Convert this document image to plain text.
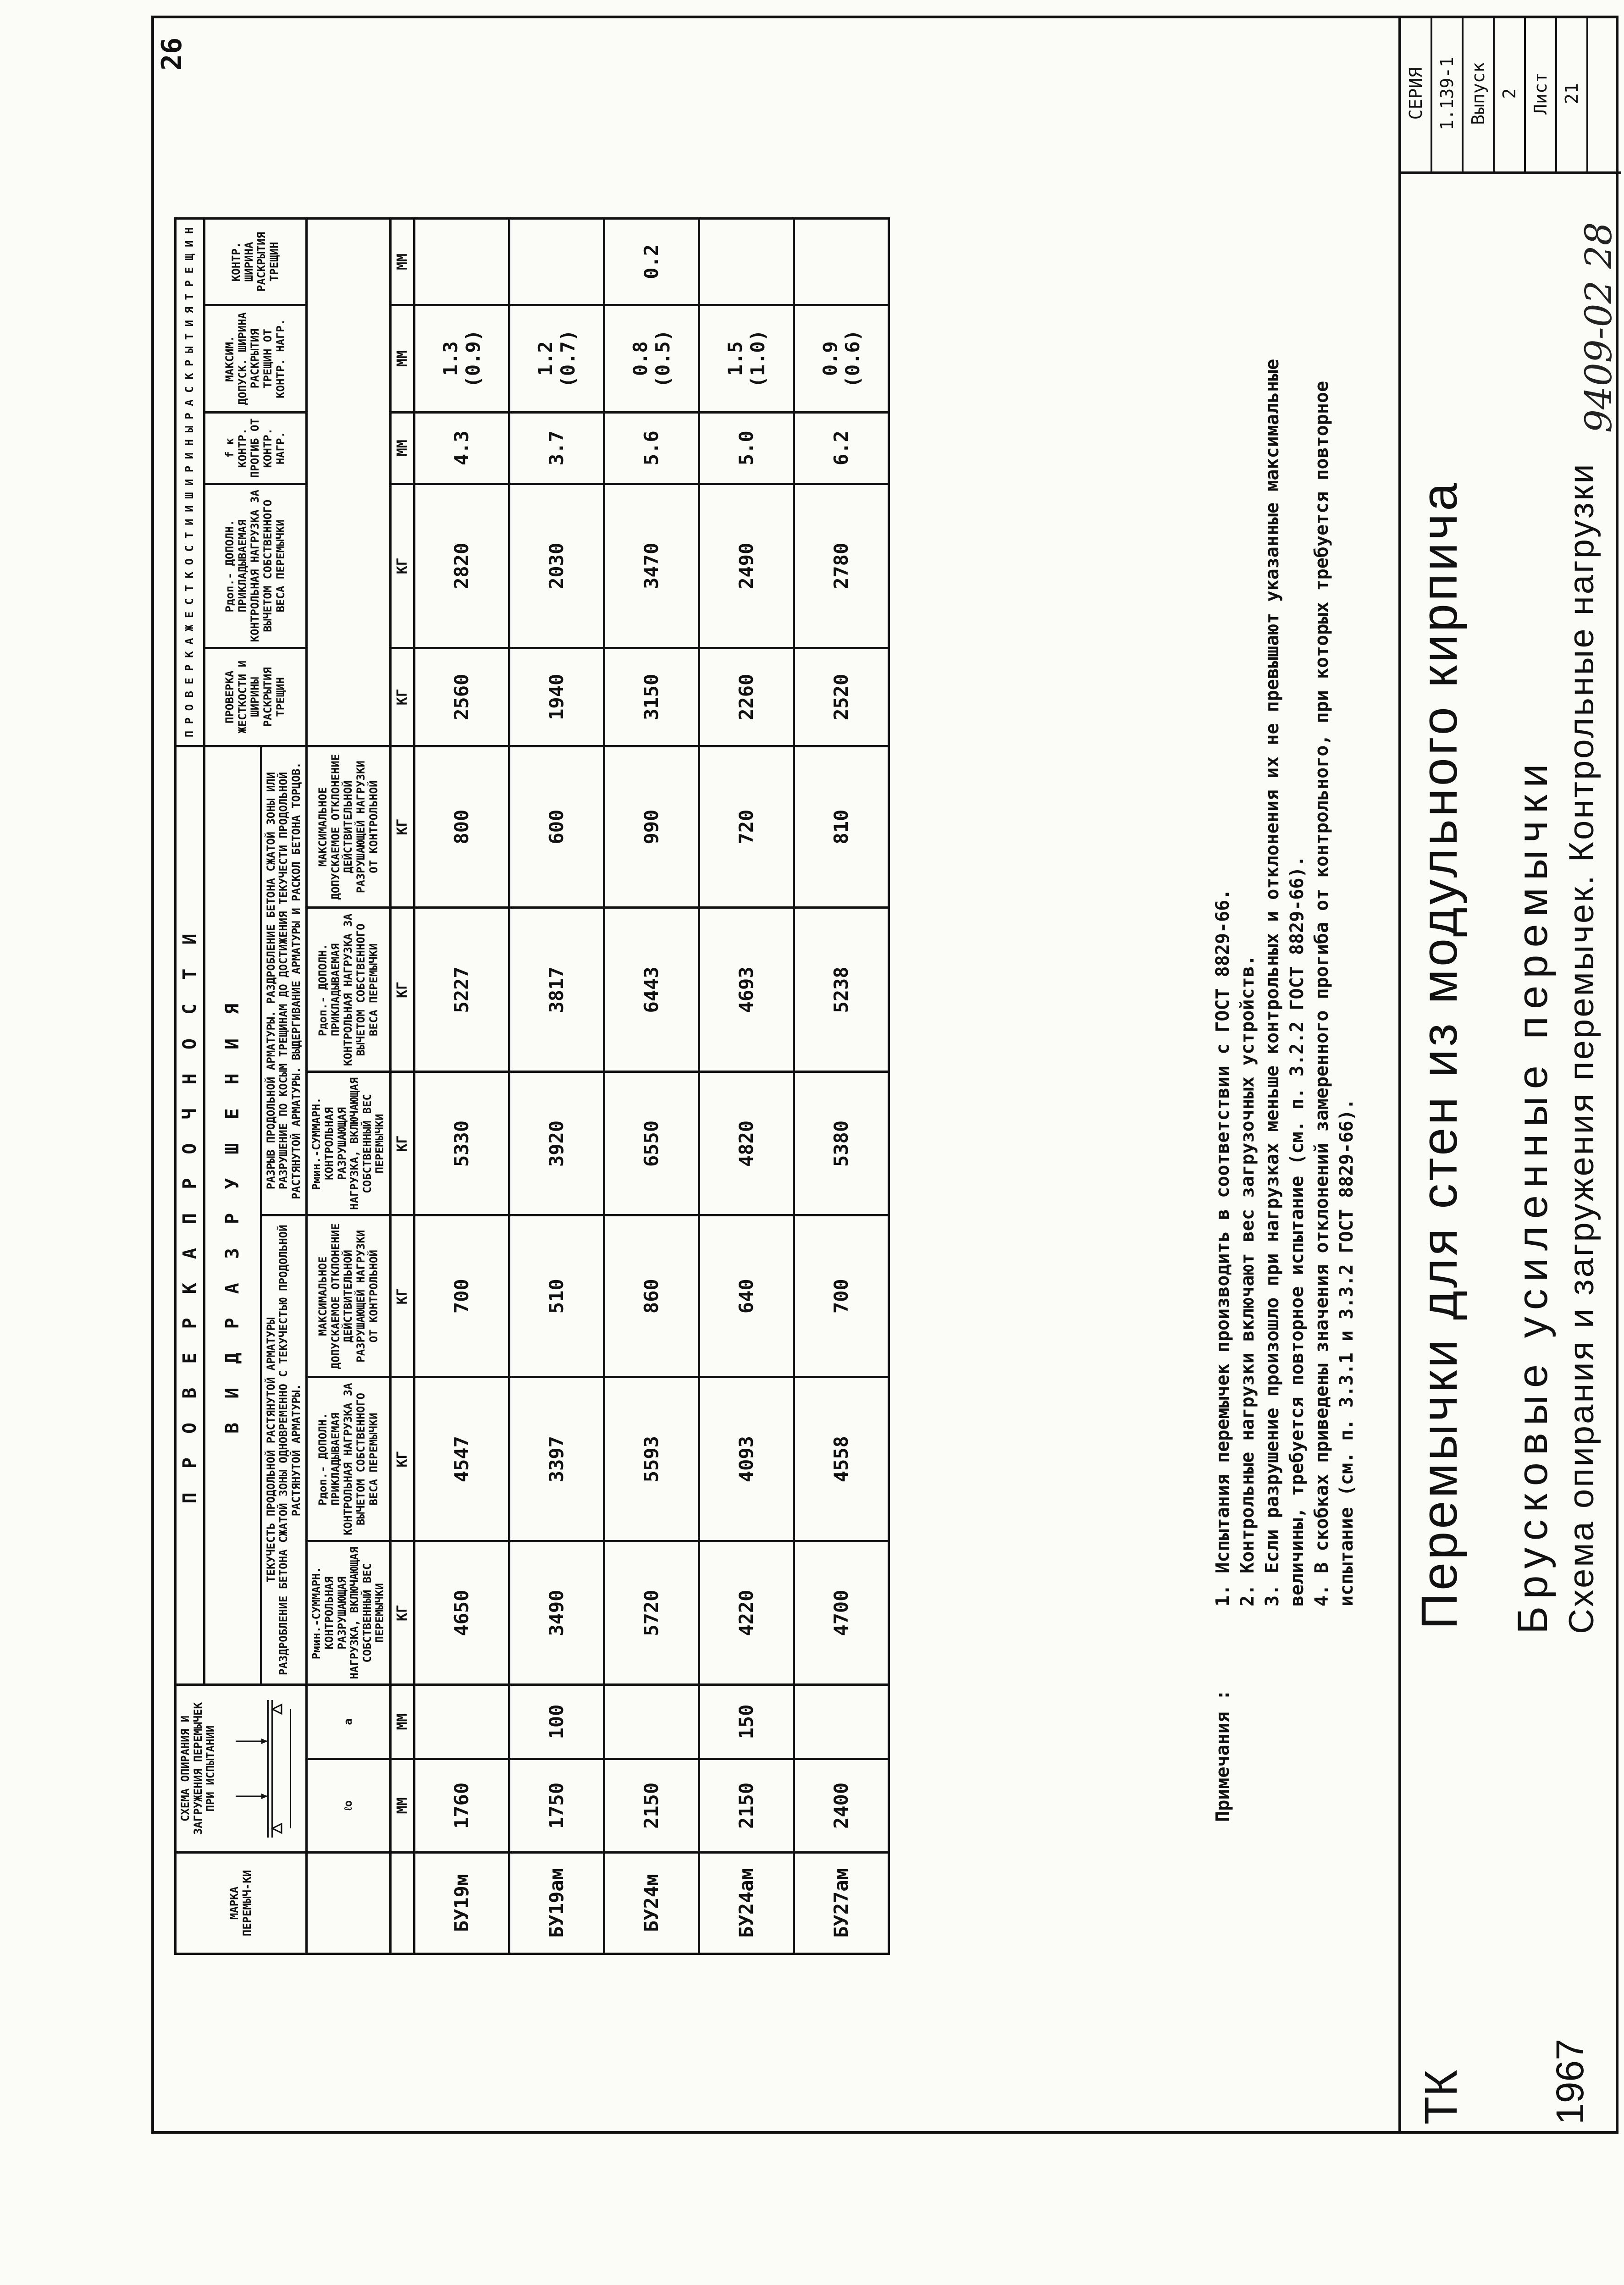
26
МАРКА ПЕРЕМЫЧ-КИ	СХЕМА ОПИРАНИЯ И ЗАГРУЖЕНИЯ ПЕРЕМЫЧЕК ПРИ ИСПЫТАНИИ		П Р О В Е Р К А П Р О Ч Н О С Т И						П Р О В Е Р К А Ж Е С Т К О С Т И И Ш И Р И Н Ы Р А С К Р Ы Т И Я Т Р Е Щ И Н				
			В И Д Р А З Р У Ш Е Н И Я						ПРОВЕРКА ЖЕСТКОСТИ И ШИРИНЫ РАСКРЫТИЯ ТРЕЩИН	Рдоп.- ДОПОЛН. ПРИКЛАДЫВАЕМАЯ КОНТРОЛЬНАЯ НАГРУЗКА ЗА ВЫЧЕТОМ СОБСТВЕННОГО ВЕСА ПЕРЕМЫЧКИ	f к КОНТР. ПРОГИБ ОТ КОНТР. НАГР.	МАКСИМ. ДОПУСК. ШИРИНА РАСКРЫТИЯ ТРЕЩИН ОТ КОНТР. НАГР.	КОНТР. ШИРИНА РАСКРЫТИЯ ТРЕЩИН

			ТЕКУЧЕСТЬ ПРОДОЛЬНОЙ РАСТЯНУТОЙ АРМАТУРЫ РАЗДРОБЛЕНИЕ БЕТОНА СЖАТОЙ ЗОНЫ ОДНОВРЕМЕННО С ТЕКУЧЕСТЬЮ ПРОДОЛЬНОЙ РАСТЯНУТОЙ АРМАТУРЫ.			РАЗРЫВ ПРОДОЛЬНОЙ АРМАТУРЫ. РАЗДРОБЛЕНИЕ БЕТОНА СЖАТОЙ ЗОНЫ ИЛИ РАЗРУШЕНИЕ ПО КОСЫМ ТРЕЩИНАМ ДО ДОСТИЖЕНИЯ ТЕКУЧЕСТИ ПРОДОЛЬНОЙ РАСТЯНУТОЙ АРМАТУРЫ. ВЫДЕРГИВАНИЕ АРМАТУРЫ И РАСКОЛ БЕТОНА ТОРЦОВ.							
	ℓо	а	Рмин.-СУММАРН. КОНТРОЛЬНАЯ РАЗРУШАЮЩАЯ НАГРУЗКА, ВКЛЮЧАЮЩАЯ СОБСТВЕННЫЙ ВЕС ПЕРЕМЫЧКИ	Рдоп.- ДОПОЛН. ПРИКЛАДЫВАЕМАЯ КОНТРОЛЬНАЯ НАГРУЗКА ЗА ВЫЧЕТОМ СОБСТВЕННОГО ВЕСА ПЕРЕМЫЧКИ	МАКСИМАЛЬНОЕ ДОПУСКАЕМОЕ ОТКЛОНЕНИЕ ДЕЙСТВИТЕЛЬНОЙ РАЗРУШАЮЩЕЙ НАГРУЗКИ ОТ КОНТРОЛЬНОЙ	Рмин.-СУММАРН. КОНТРОЛЬНАЯ РАЗРУШАЮЩАЯ НАГРУЗКА, ВКЛЮЧАЮЩАЯ СОБСТВЕННЫЙ ВЕС ПЕРЕМЫЧКИ	Рдоп.- ДОПОЛН. ПРИКЛАДЫВАЕМАЯ КОНТРОЛЬНАЯ НАГРУЗКА ЗА ВЫЧЕТОМ СОБСТВЕННОГО ВЕСА ПЕРЕМЫЧКИ	МАКСИМАЛЬНОЕ ДОПУСКАЕМОЕ ОТКЛОНЕНИЕ ДЕЙСТВИТЕЛЬНОЙ РАЗРУШАЮЩЕЙ НАГРУЗКИ ОТ КОНТРОЛЬНОЙ					
	ММ	ММ	КГ	КГ	КГ	КГ	КГ	КГ	КГ	КГ	ММ	ММ	ММ
БУ19м	1760		4650	4547	700	5330	5227	800	2560	2820	4.3	1.3 (0.9)	
БУ19ам	1750	100	3490	3397	510	3920	3817	600	1940	2030	3.7	1.2 (0.7)	
БУ24м	2150		5720	5593	860	6550	6443	990	3150	3470	5.6	0.8 (0.5)	0.2
БУ24ам	2150	150	4220	4093	640	4820	4693	720	2260	2490	5.0	1.5 (1.0)	
БУ27ам	2400		4700	4558	700	5380	5238	810	2520	2780	6.2	0.9 (0.6)	
Примечания :
1. Испытания перемычек производить в соответствии с ГОСТ 8829-66. 2. Контрольные нагрузки включают вес загрузочных устройств. 3. Если разрушение произошло при нагрузках меньше контрольных и отклонения их не превышают указанные максимальные величины, требуется повторное испытание (см. п. 3.2.2 ГОСТ 8829-66). 4. В скобках приведены значения отклонений замеренного прогиба от контрольного, при которых требуется повторное испытание (см. п. 3.3.1 и 3.3.2 ГОСТ 8829-66).
ТК 1967
Перемычки для стен из модульного кирпича Брусковые усиленные перемычки Схема опирания и загружения перемычек. Контрольные нагрузки
СЕРИЯ 1.139-1 Выпуск 2 Лист 21
9409-02 28
